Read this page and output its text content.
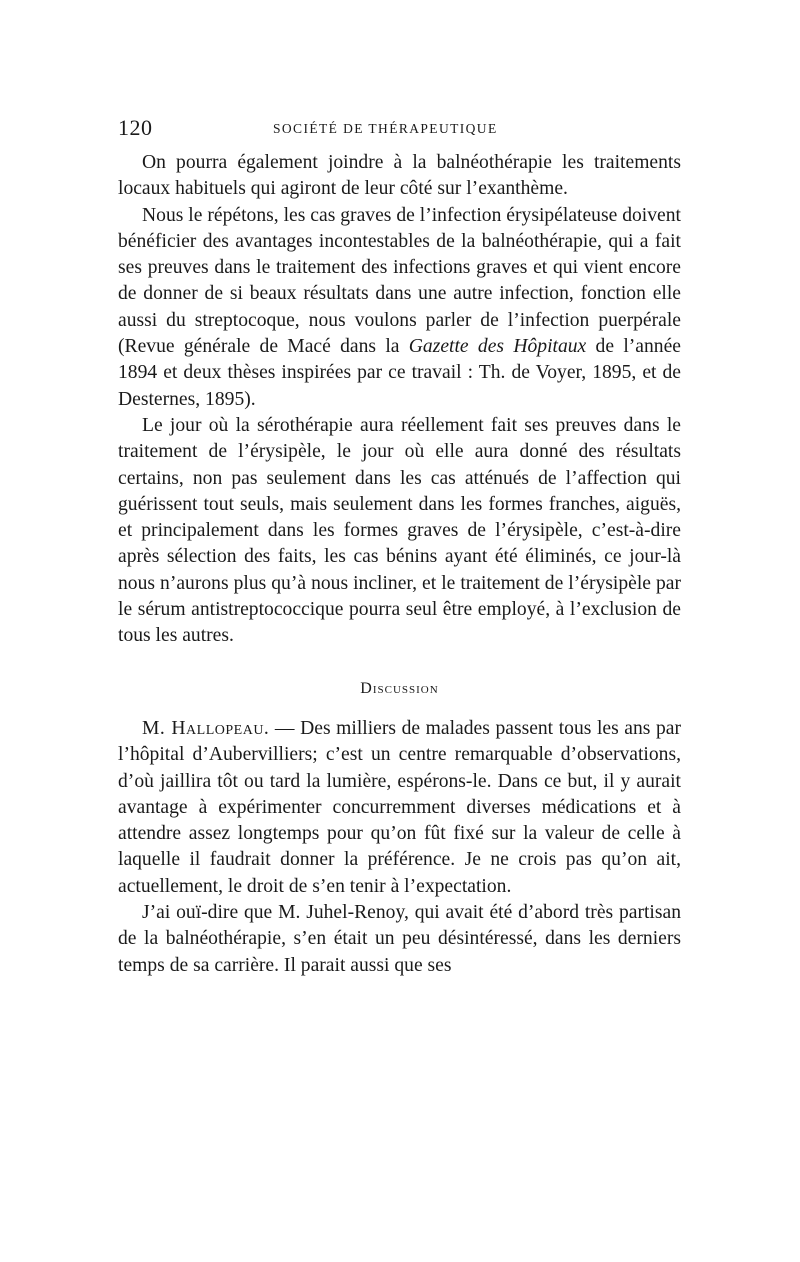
120	SOCIÉTÉ DE THÉRAPEUTIQUE

On pourra également joindre à la balnéothérapie les traitements locaux habituels qui agiront de leur côté sur l’exanthème.

Nous le répétons, les cas graves de l’infection érysipélateuse doivent bénéficier des avantages incontestables de la balnéothérapie, qui a fait ses preuves dans le traitement des infections graves et qui vient encore de donner de si beaux résultats dans une autre infection, fonction elle aussi du streptocoque, nous voulons parler de l’infection puerpérale (Revue générale de Macé dans la Gazette des Hôpitaux de l’année 1894 et deux thèses inspirées par ce travail : Th. de Voyer, 1895, et de Desternes, 1895).

Le jour où la sérothérapie aura réellement fait ses preuves dans le traitement de l’érysipèle, le jour où elle aura donné des résultats certains, non pas seulement dans les cas atténués de l’affection qui guérissent tout seuls, mais seulement dans les formes franches, aiguës, et principalement dans les formes graves de l’érysipèle, c’est-à-dire après sélection des faits, les cas bénins ayant été éliminés, ce jour-là nous n’aurons plus qu’à nous incliner, et le traitement de l’érysipèle par le sérum antistreptococcique pourra seul être employé, à l’exclusion de tous les autres.

Discussion

M. Hallopeau. — Des milliers de malades passent tous les ans par l’hôpital d’Aubervilliers; c’est un centre remarquable d’observations, d’où jaillira tôt ou tard la lumière, espérons-le. Dans ce but, il y aurait avantage à expérimenter concurremment diverses médications et à attendre assez longtemps pour qu’on fût fixé sur la valeur de celle à laquelle il faudrait donner la préférence. Je ne crois pas qu’on ait, actuellement, le droit de s’en tenir à l’expectation.

J’ai ouï-dire que M. Juhel-Renoy, qui avait été d’abord très partisan de la balnéothérapie, s’en était un peu désintéressé, dans les derniers temps de sa carrière. Il parait aussi que ses
